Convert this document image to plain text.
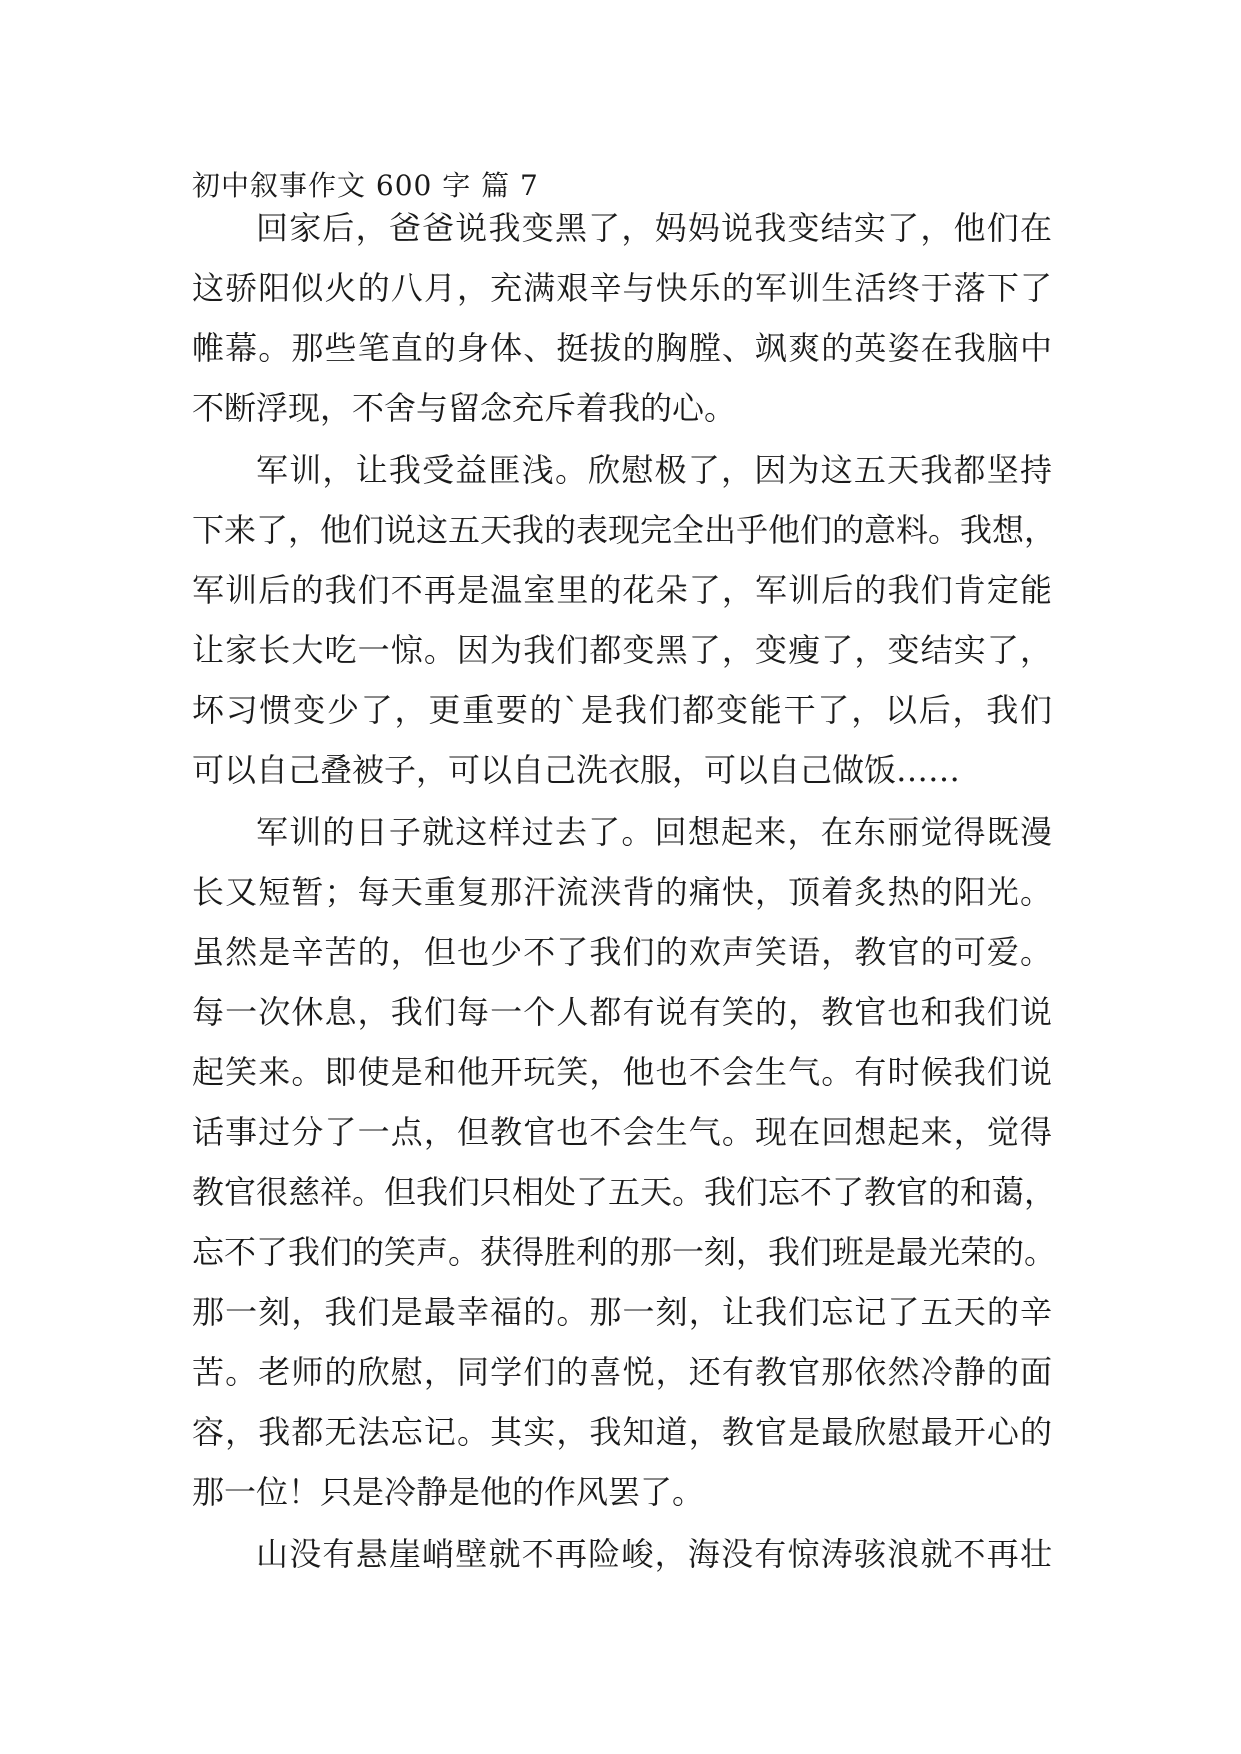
初中叙事作文 600 字 篇 7

回家后，爸爸说我变黑了，妈妈说我变结实了，他们在

这骄阳似火的八月，充满艰辛与快乐的军训生活终于落下了

帷幕。那些笔直的身体、挺拔的胸膛、飒爽的英姿在我脑中

不断浮现，不舍与留念充斥着我的心。

军训，让我受益匪浅。欣慰极了，因为这五天我都坚持

下来了，他们说这五天我的表现完全出乎他们的意料。我想，

军训后的我们不再是温室里的花朵了，军训后的我们肯定能

让家长大吃一惊。因为我们都变黑了，变瘦了，变结实了，

坏习惯变少了，更重要的`是我们都变能干了，以后，我们

可以自己叠被子，可以自己洗衣服，可以自己做饭……

军训的日子就这样过去了。回想起来，在东丽觉得既漫

长又短暂；每天重复那汗流浃背的痛快，顶着炙热的阳光。

虽然是辛苦的，但也少不了我们的欢声笑语，教官的可爱。

每一次休息，我们每一个人都有说有笑的，教官也和我们说

起笑来。即使是和他开玩笑，他也不会生气。有时候我们说

话事过分了一点，但教官也不会生气。现在回想起来，觉得

教官很慈祥。但我们只相处了五天。我们忘不了教官的和蔼，

忘不了我们的笑声。获得胜利的那一刻，我们班是最光荣的。

那一刻，我们是最幸福的。那一刻，让我们忘记了五天的辛

苦。老师的欣慰，同学们的喜悦，还有教官那依然冷静的面

容，我都无法忘记。其实，我知道，教官是最欣慰最开心的

那一位！只是冷静是他的作风罢了。

山没有悬崖峭壁就不再险峻，海没有惊涛骇浪就不再壮
